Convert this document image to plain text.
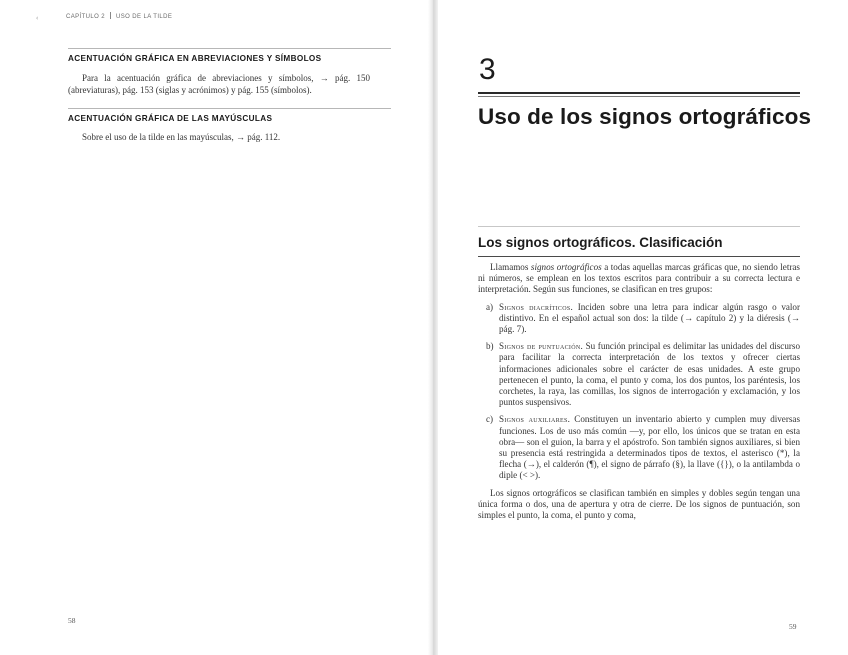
‹	CAPÍTULO 2 USO DE LA TILDE
ACENTUACIÓN GRÁFICA EN ABREVIACIONES Y SÍMBOLOS
Para la acentuación gráfica de abreviaciones y símbolos, → pág. 150 (abreviaturas), pág. 153 (siglas y acrónimos) y pág. 155 (símbolos).
ACENTUACIÓN GRÁFICA DE LAS MAYÚSCULAS
Sobre el uso de la tilde en las mayúsculas, → pág. 112.
58
3
Uso de los signos ortográficos
Los signos ortográficos. Clasificación

Llamamos signos ortográficos a todas aquellas marcas gráficas que, no siendo letras ni números, se emplean en los textos escritos para contribuir a su correcta lectura e interpretación. Según sus funciones, se clasifican en tres grupos:

a) Signos diacríticos. Inciden sobre una letra para indicar algún rasgo o valor distintivo. En el español actual son dos: la tilde (→ capítulo 2) y la diéresis (→ pág. 7).
b) Signos de puntuación. Su función principal es delimitar las unidades del discurso para facilitar la correcta interpretación de los textos y ofrecer ciertas informaciones adicionales sobre el carácter de esas unidades. A este grupo pertenecen el punto, la coma, el punto y coma, los dos puntos, los paréntesis, los corchetes, la raya, las comillas, los signos de interrogación y exclamación, y los puntos suspensivos.
c) Signos auxiliares. Constituyen un inventario abierto y cumplen muy diversas funciones. Los de uso más común —y, por ello, los únicos que se tratan en esta obra— son el guion, la barra y el apóstrofo. Son también signos auxiliares, si bien su presencia está restringida a determinados tipos de textos, el asterisco (*), la flecha (→), el calderón (¶), el signo de párrafo (§), la llave ({}), o la antilambda o diple (< >).

Los signos ortográficos se clasifican también en simples y dobles según tengan una única forma o dos, una de apertura y otra de cierre. De los signos de puntuación, son simples el punto, la coma, el punto y coma,

59
